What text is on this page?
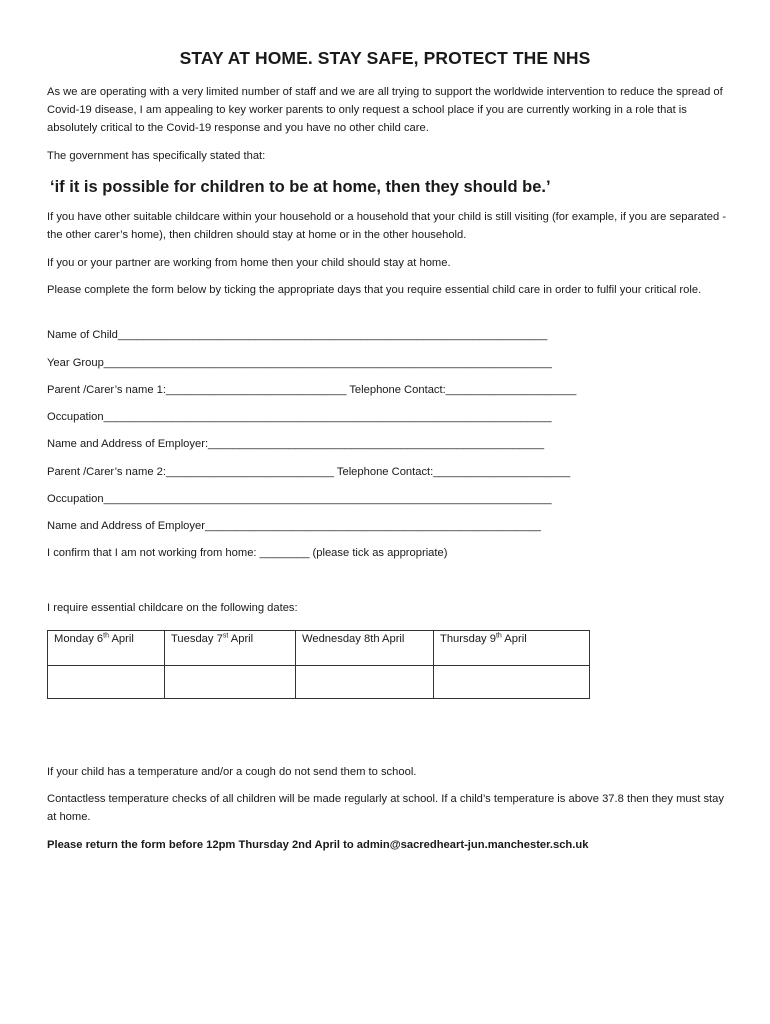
STAY AT HOME. STAY SAFE, PROTECT THE NHS
As we are operating with a very limited number of staff and we are all trying to support the worldwide intervention to reduce the spread of Covid-19 disease, I am appealing to key worker parents to only request a school place if you are currently working in a role that is absolutely critical to the Covid-19 response and you have no other child care.
The government has specifically stated that:
‘if it is possible for children to be at home, then they should be.’
If you have other suitable childcare within your household or a household that your child is still visiting (for example, if you are separated - the other carer’s home), then children should stay at home or in the other household.
If you or your partner are working from home then your child should stay at home.
Please complete the form below by ticking the appropriate days that you require essential child care in order to fulfil your critical role.
Name of Child_____________________________________________________________________
Year Group________________________________________________________________________
Parent /Carer’s name 1:_____________________________ Telephone Contact:_____________________
Occupation________________________________________________________________________
Name and Address of Employer:______________________________________________________
Parent /Carer’s name 2:___________________________ Telephone Contact:______________________
Occupation________________________________________________________________________
Name and Address of Employer______________________________________________________
I confirm that I am not working from home: ________ (please tick as appropriate)
I require essential childcare on the following dates:
Monday 6th April	Tuesday 7st April	Wednesday 8th April	Thursday 9th April

If your child has a temperature and/or a cough do not send them to school.
Contactless temperature checks of all children will be made regularly at school. If a child’s temperature is above 37.8 then they must stay at home.
Please return the form before 12pm Thursday 2nd April to admin@sacredheart-jun.manchester.sch.uk
